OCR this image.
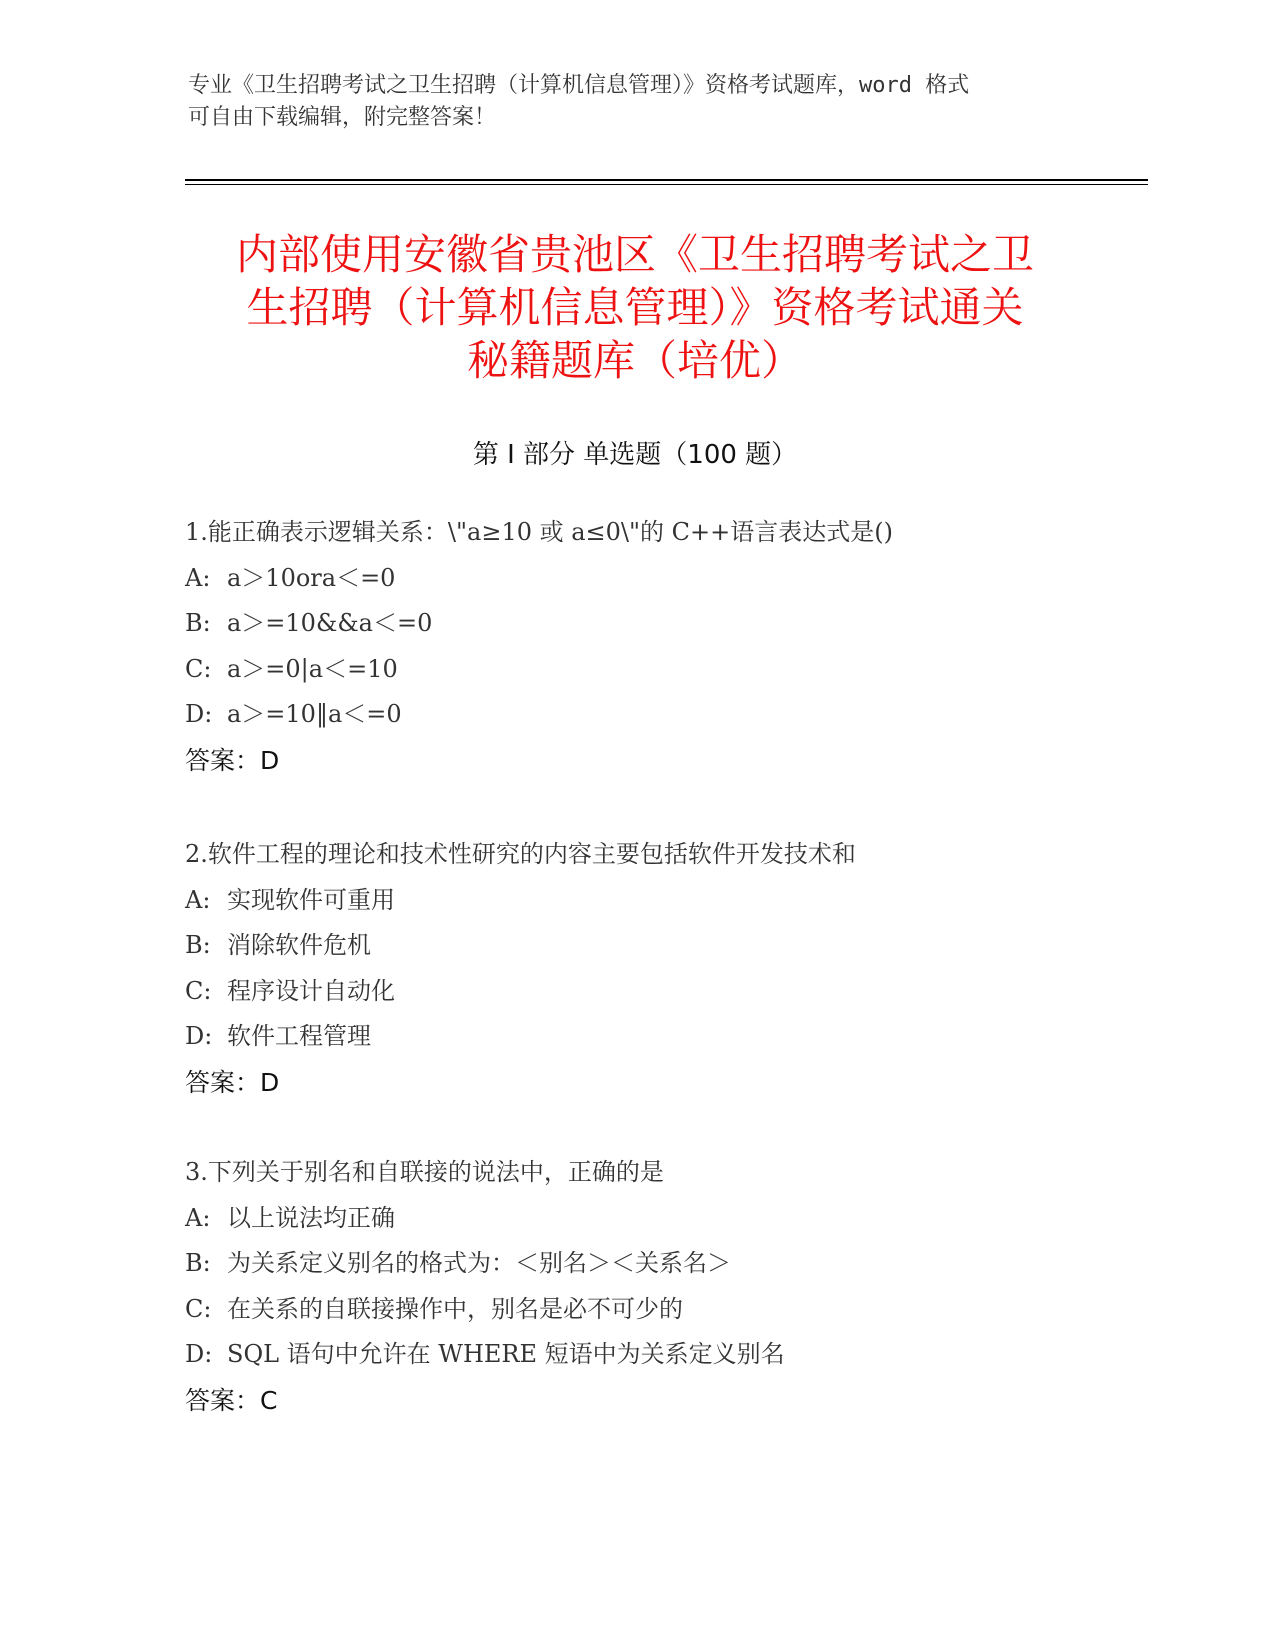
专业《卫生招聘考试之卫生招聘（计算机信息管理）》资格考试题库，word 格式
可自由下载编辑，附完整答案！
内部使用安徽省贵池区《卫生招聘考试之卫
生招聘（计算机信息管理）》资格考试通关
秘籍题库（培优）
第 I 部分 单选题（100 题）
1.能正确表示逻辑关系：\"a≥10 或 a≤0\"的 C++语言表达式是()
A: a＞10ora＜=0
B: a＞=10&&a＜=0
C: a＞=0|a＜=10
D: a＞=10‖a＜=0
答案：D
2.软件工程的理论和技术性研究的内容主要包括软件开发技术和
A: 实现软件可重用
B: 消除软件危机
C: 程序设计自动化
D: 软件工程管理
答案：D
3.下列关于别名和自联接的说法中，正确的是
A: 以上说法均正确
B: 为关系定义别名的格式为：＜别名＞＜关系名＞
C: 在关系的自联接操作中，别名是必不可少的
D: SQL 语句中允许在 WHERE 短语中为关系定义别名
答案：C
